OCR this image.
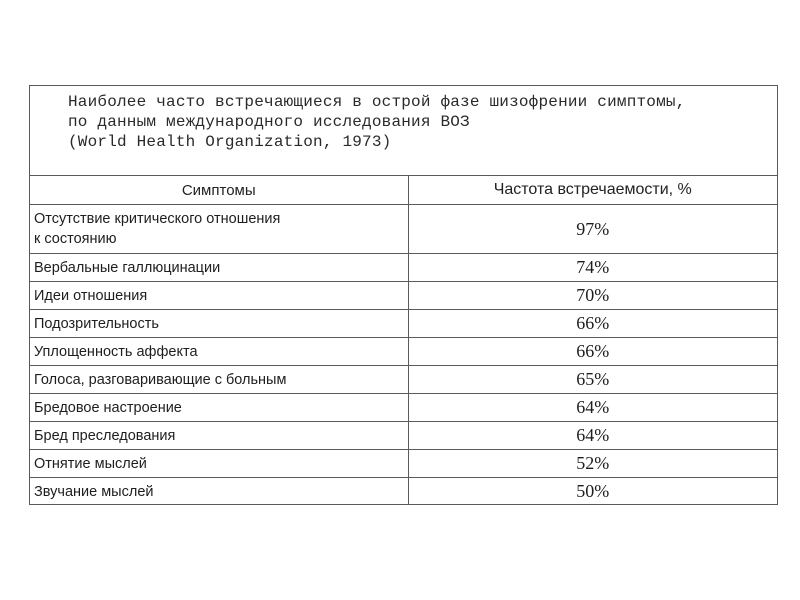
Наиболее часто встречающиеся в острой фазе шизофрении симптомы,
по данным международного исследования ВОЗ
(World Health Organization, 1973)
Симптомы	Частота встречаемости, %

Отсутствие критического отношения
к состоянию	97%
Вербальные галлюцинации	74%
Идеи отношения	70%
Подозрительность	66%
Уплощенность аффекта	66%
Голоса, разговаривающие с больным	65%
Бредовое настроение	64%
Бред преследования	64%
Отнятие мыслей	52%
Звучание мыслей	50%
